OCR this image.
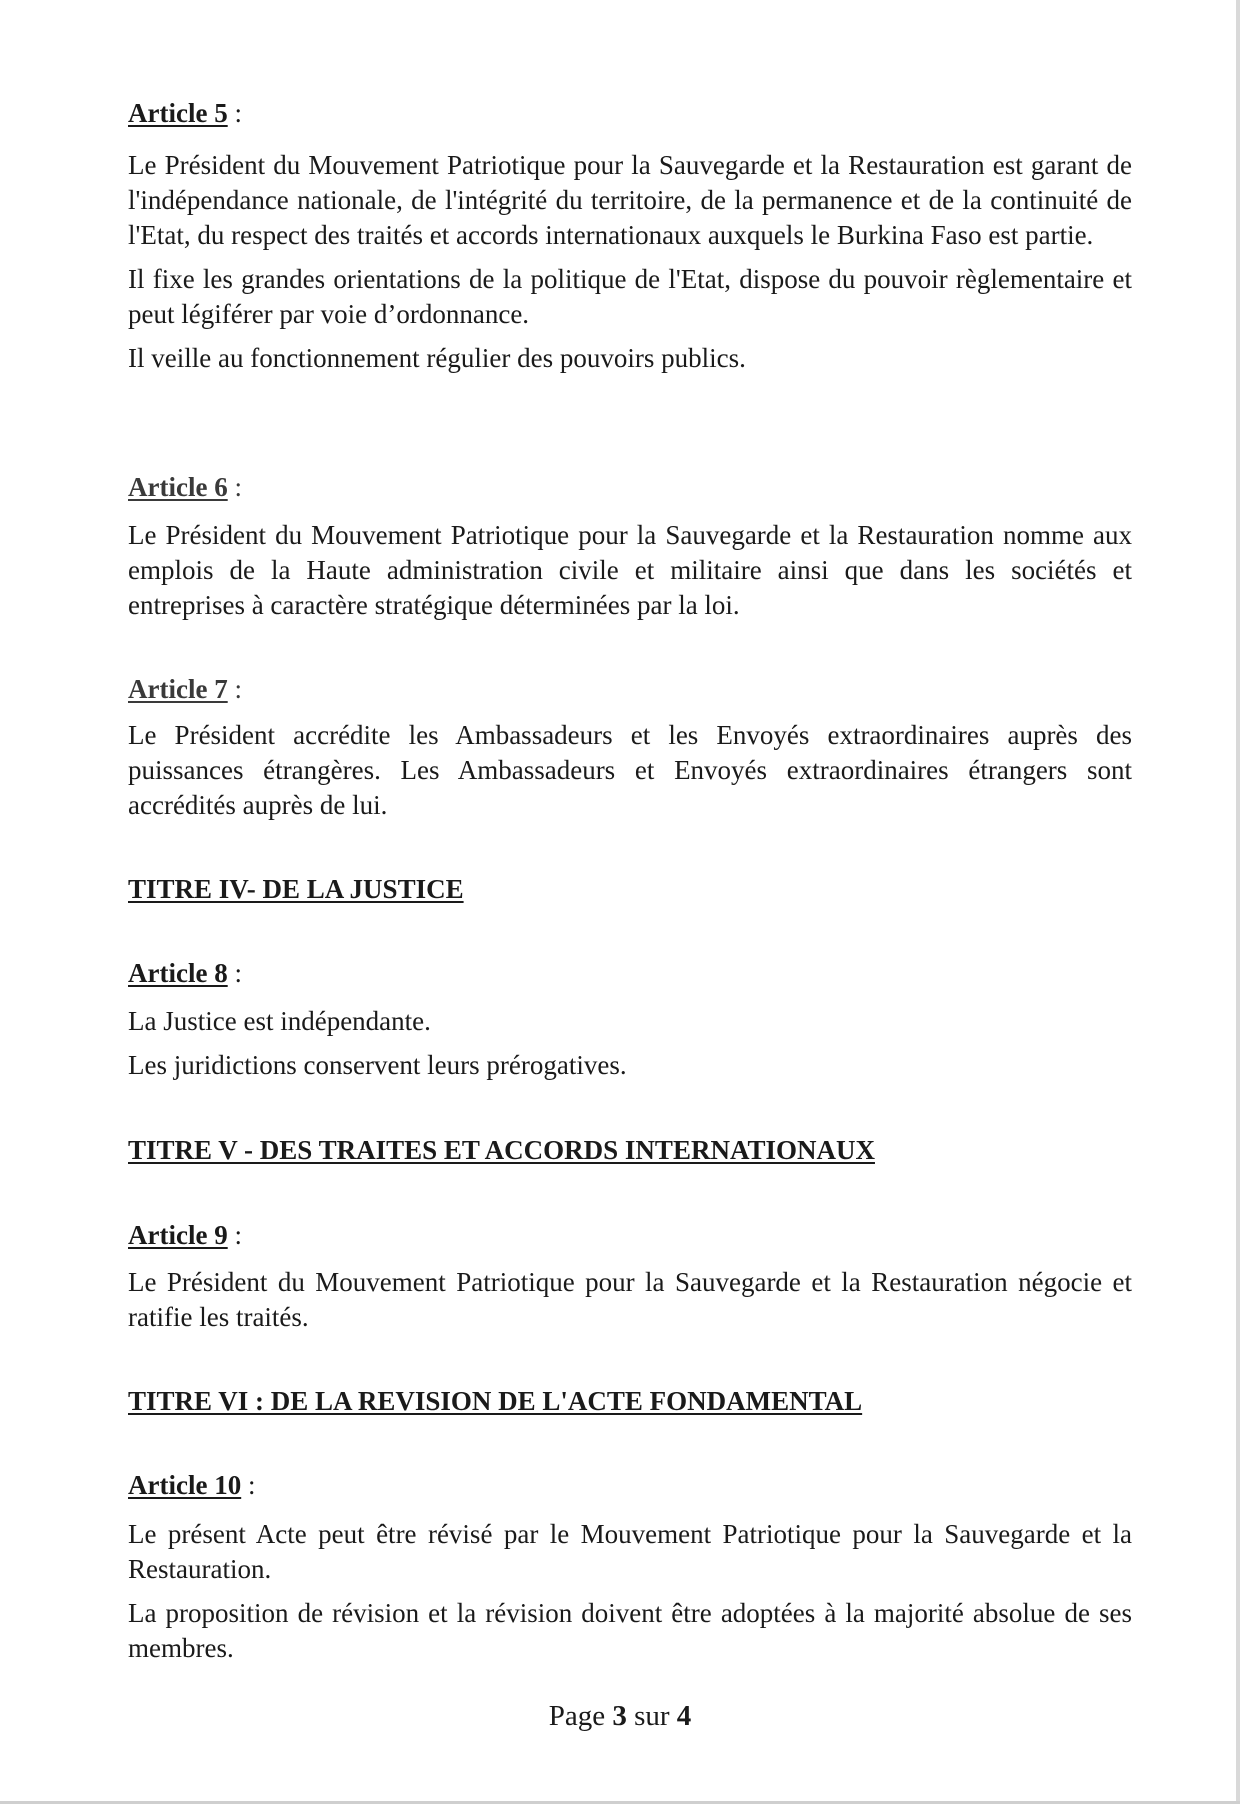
Article 5 :

Le Président du Mouvement Patriotique pour la Sauvegarde et la Restauration est garant de l'indépendance nationale, de l'intégrité du territoire, de la permanence et de la continuité de l'Etat, du respect des traités et accords internationaux auxquels le Burkina Faso est partie.

Il fixe les grandes orientations de la politique de l'Etat, dispose du pouvoir règlementaire et peut légiférer par voie d’ordonnance.

Il veille au fonctionnement régulier des pouvoirs publics.

Article 6 :

Le Président du Mouvement Patriotique pour la Sauvegarde et la Restauration nomme aux emplois de la Haute administration civile et militaire ainsi que dans les sociétés et entreprises à caractère stratégique déterminées par la loi.

Article 7 :

Le Président accrédite les Ambassadeurs et les Envoyés extraordinaires auprès des puissances étrangères. Les Ambassadeurs et Envoyés extraordinaires étrangers sont accrédités auprès de lui.

TITRE IV- DE LA JUSTICE
Article 8 :

La Justice est indépendante.

Les juridictions conservent leurs prérogatives.

TITRE V - DES TRAITES ET ACCORDS INTERNATIONAUX
Article 9 :

Le Président du Mouvement Patriotique pour la Sauvegarde et la Restauration négocie et ratifie les traités.

TITRE VI : DE LA REVISION DE L'ACTE FONDAMENTAL
Article 10 :

Le présent Acte peut être révisé par le Mouvement Patriotique pour la Sauvegarde et la Restauration.

La proposition de révision et la révision doivent être adoptées à la majorité absolue de ses membres.

Page 3 sur 4
